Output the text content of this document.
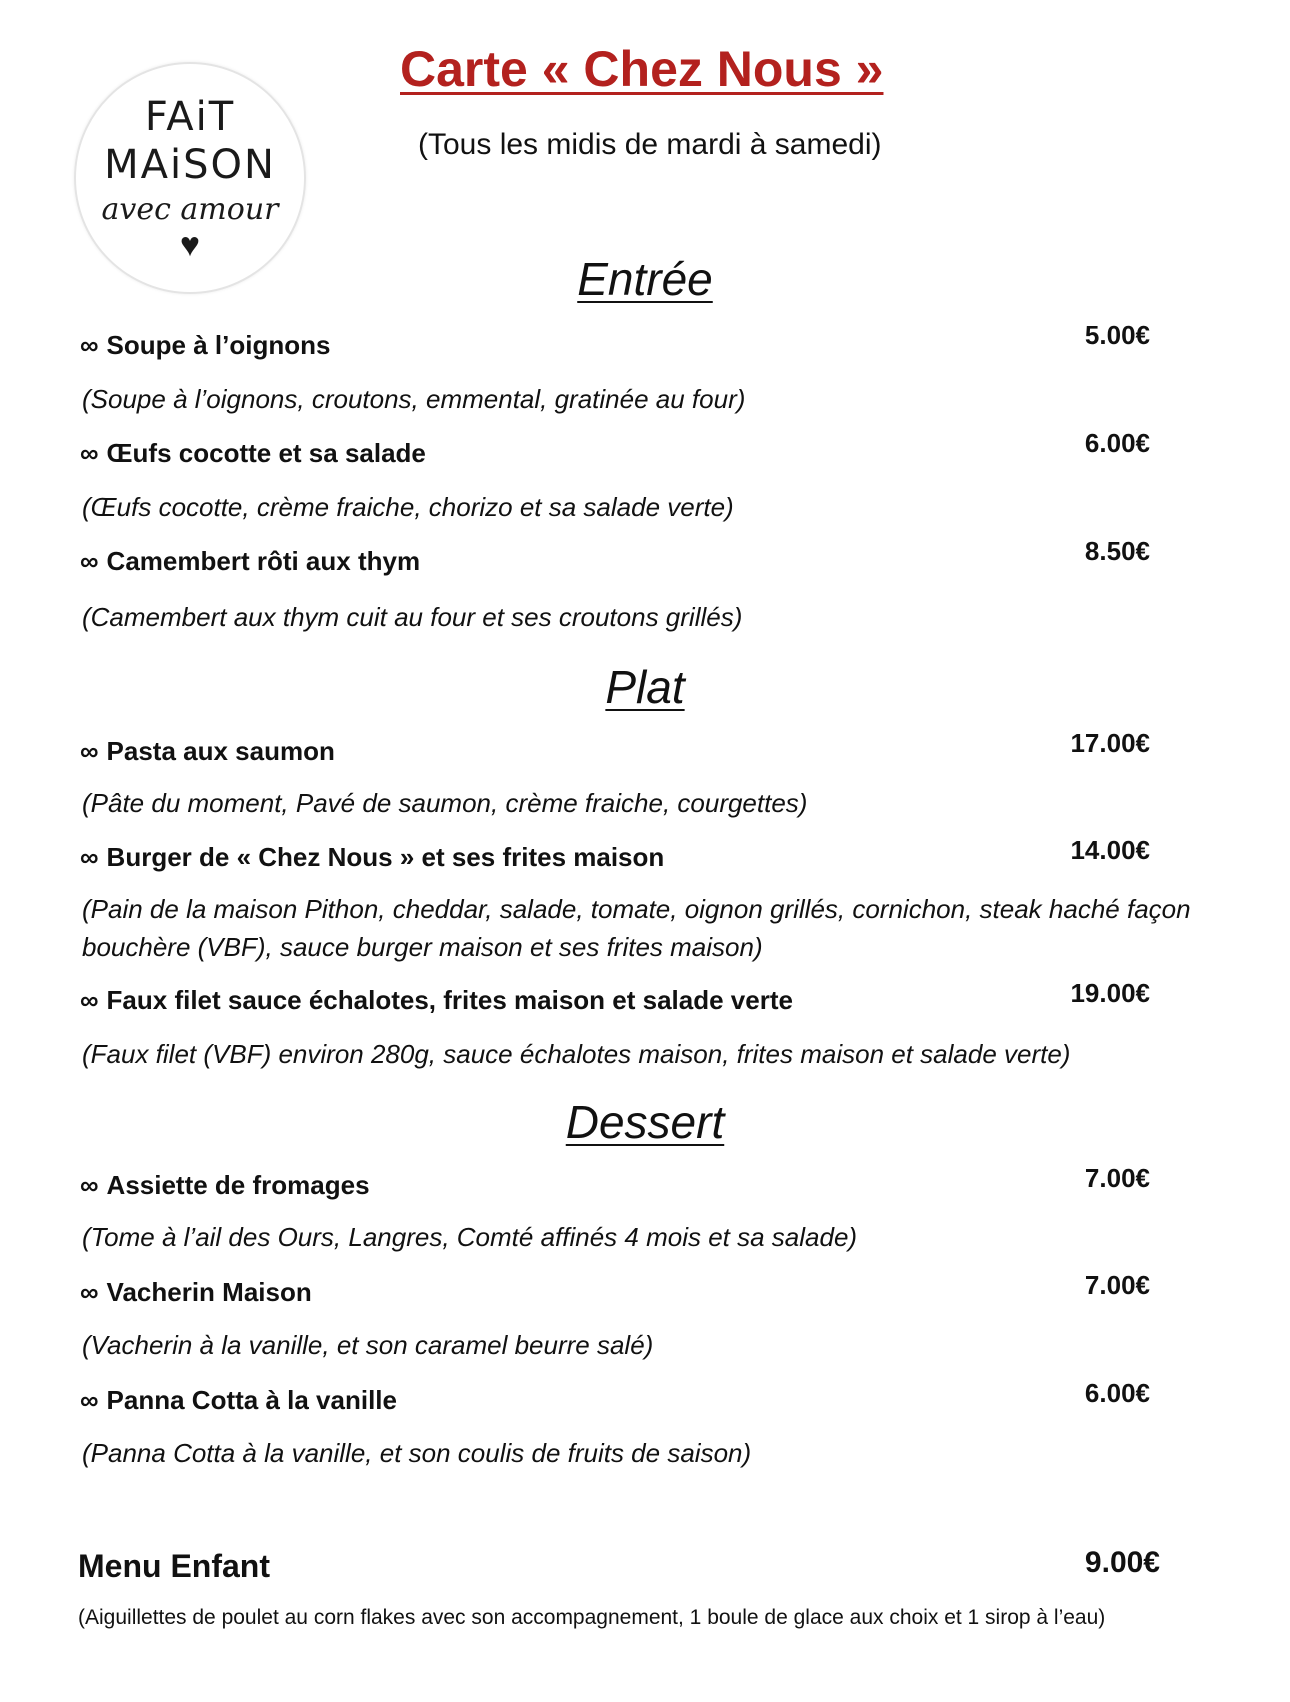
FAiT
MAiSON
avec amour
♥
Carte « Chez Nous »
(Tous les midis de mardi à samedi)
Entrée
∞ Soupe à l’oignons	5.00€
(Soupe à l’oignons, croutons, emmental, gratinée au four)
∞ Œufs cocotte et sa salade	6.00€
(Œufs cocotte, crème fraiche, chorizo et sa salade verte)
∞ Camembert rôti aux thym	8.50€
(Camembert aux thym cuit au four et ses croutons grillés)
Plat
∞ Pasta aux saumon	17.00€
(Pâte du moment, Pavé de saumon, crème fraiche, courgettes)
∞ Burger de « Chez Nous » et ses frites maison	14.00€
(Pain de la maison Pithon, cheddar, salade, tomate, oignon grillés, cornichon, steak haché façon bouchère (VBF), sauce burger maison et ses frites maison)
∞ Faux filet sauce échalotes, frites maison et salade verte	19.00€
(Faux filet (VBF) environ 280g, sauce échalotes maison, frites maison et salade verte)
Dessert
∞ Assiette de fromages	7.00€
(Tome à l’ail des Ours, Langres, Comté affinés 4 mois et sa salade)
∞ Vacherin Maison	7.00€
(Vacherin à la vanille, et son caramel beurre salé)
∞ Panna Cotta à la vanille	6.00€
(Panna Cotta à la vanille, et son coulis de fruits de saison)
Menu Enfant	9.00€
(Aiguillettes de poulet au corn flakes avec son accompagnement, 1 boule de glace aux choix et 1 sirop à l’eau)
